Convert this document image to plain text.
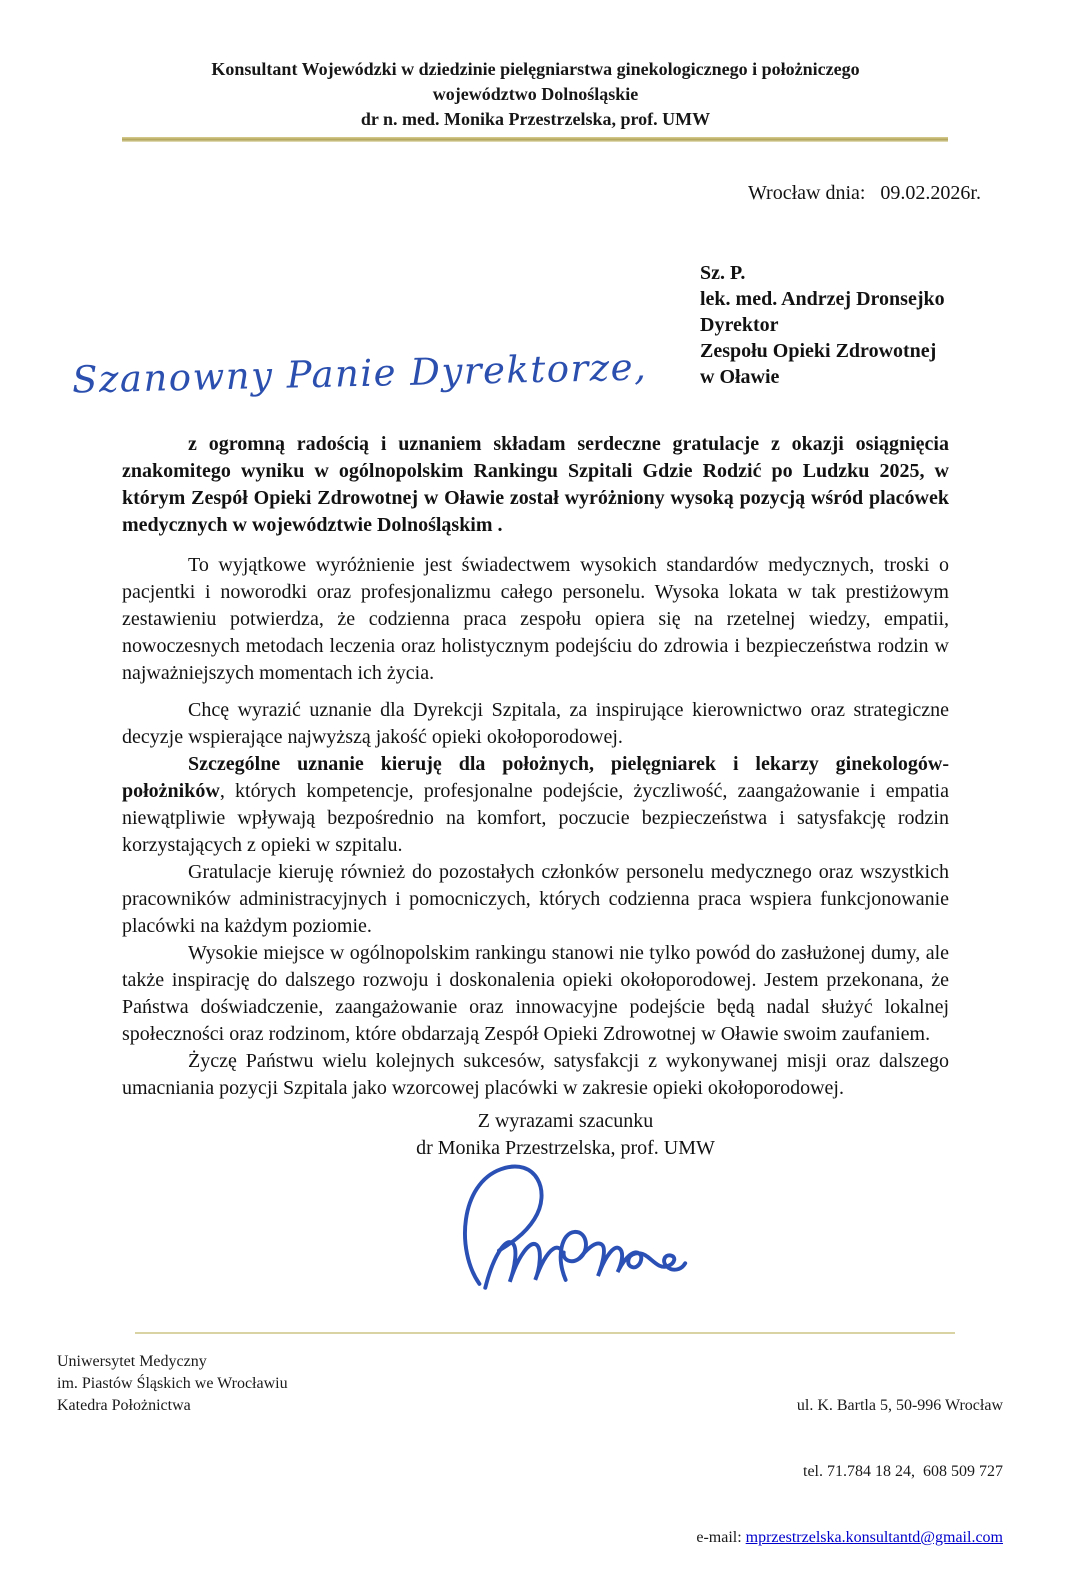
Konsultant Wojewódzki w dziedzinie pielęgniarstwa ginekologicznego i położniczego
województwo Dolnośląskie
dr n. med. Monika Przestrzelska, prof. UMW
Wrocław dnia:   09.02.2026r.
Sz. P.
lek. med. Andrzej Dronsejko
Dyrektor
Zespołu Opieki Zdrowotnej
w Oławie
Szanowny Panie Dyrektorze,

z ogromną radością i uznaniem składam serdeczne gratulacje z okazji osiągnięcia znakomitego wyniku w ogólnopolskim Rankingu Szpitali Gdzie Rodzić po Ludzku 2025, w którym Zespół Opieki Zdrowotnej w Oławie został wyróżniony wysoką pozycją wśród placówek medycznych w województwie Dolnośląskim .

To wyjątkowe wyróżnienie jest świadectwem wysokich standardów medycznych, troski o pacjentki i noworodki oraz profesjonalizmu całego personelu. Wysoka lokata w tak prestiżowym zestawieniu potwierdza, że codzienna praca zespołu opiera się na rzetelnej wiedzy, empatii, nowoczesnych metodach leczenia oraz holistycznym podejściu do zdrowia i bezpieczeństwa rodzin w najważniejszych momentach ich życia.

Chcę wyrazić uznanie dla Dyrekcji Szpitala, za inspirujące kierownictwo oraz strategiczne decyzje wspierające najwyższą jakość opieki okołoporodowej.

Szczególne uznanie kieruję dla położnych, pielęgniarek i lekarzy ginekologów-położników, których kompetencje, profesjonalne podejście, życzliwość, zaangażowanie i empatia niewątpliwie wpływają bezpośrednio na komfort, poczucie bezpieczeństwa i satysfakcję rodzin korzystających z opieki w szpitalu.

Gratulacje kieruję również do pozostałych członków personelu medycznego oraz wszystkich pracowników administracyjnych i pomocniczych, których codzienna praca wspiera funkcjonowanie placówki na każdym poziomie.

Wysokie miejsce w ogólnopolskim rankingu stanowi nie tylko powód do zasłużonej dumy, ale także inspirację do dalszego rozwoju i doskonalenia opieki okołoporodowej. Jestem przekonana, że Państwa doświadczenie, zaangażowanie oraz innowacyjne podejście będą nadal służyć lokalnej społeczności oraz rodzinom, które obdarzają Zespół Opieki Zdrowotnej w Oławie swoim zaufaniem.

Życzę Państwu wielu kolejnych sukcesów, satysfakcji z wykonywanej misji oraz dalszego umacniania pozycji Szpitala jako wzorcowej placówki w zakresie opieki okołoporodowej.

Z wyrazami szacunku
dr Monika Przestrzelska, prof. UMW
Uniwersytet Medyczny
im. Piastów Śląskich we Wrocławiu
Katedra Położnictwa

	ul. K. Bartla 5, 50-996 Wrocław

tel. 71.784 18 24,  608 509 727

e-mail: mprzestrzelska.konsultantd@gmail.com
